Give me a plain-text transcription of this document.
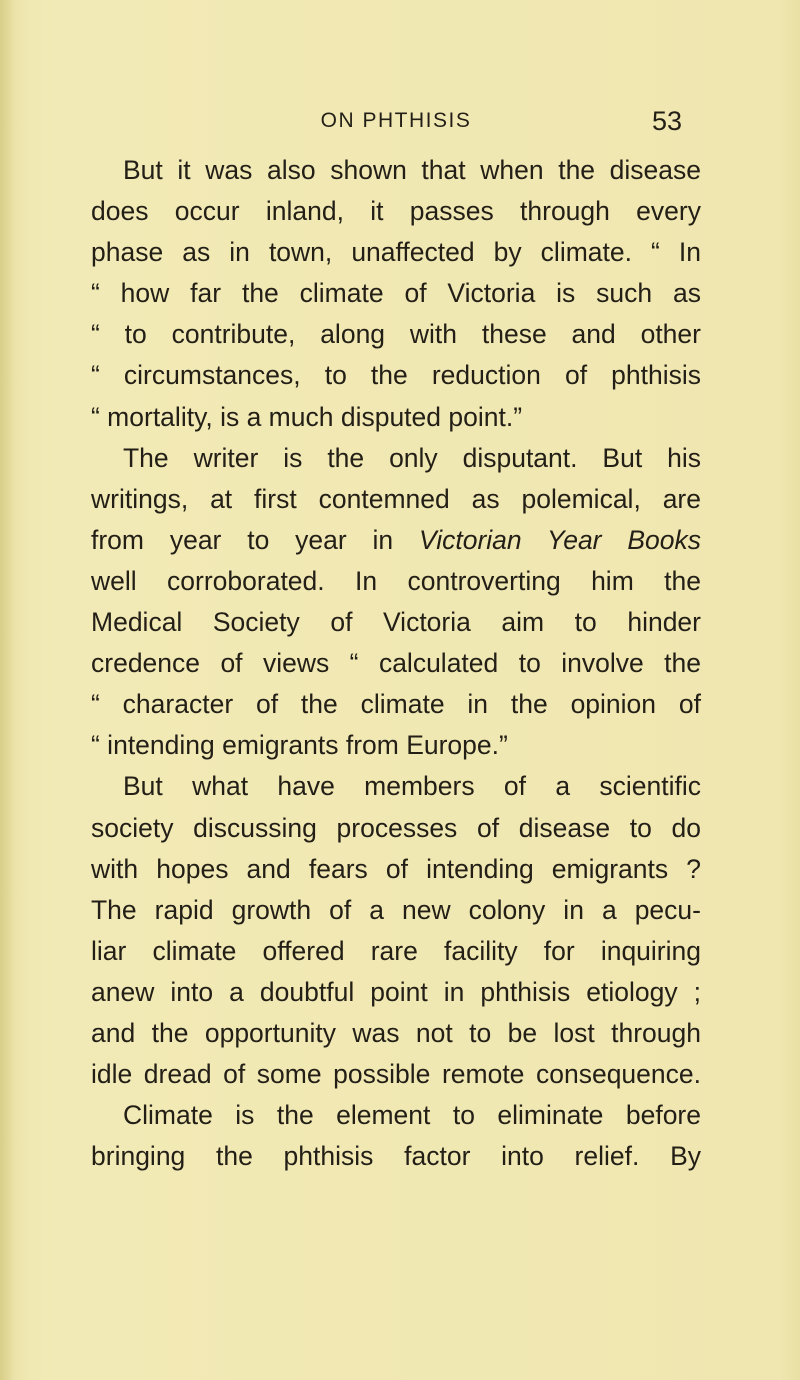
ON PHTHISIS	53
But it was also shown that when the disease
does occur inland, it passes through every
phase as in town, unaffected by climate. “ In
“ how far the climate of Victoria is such as
“ to contribute, along with these and other
“ circumstances, to the reduction of phthisis
“ mortality, is a much disputed point.”
The writer is the only disputant. But his
writings, at first contemned as polemical, are
from year to year in Victorian Year Books
well corroborated. In controverting him the
Medical Society of Victoria aim to hinder
credence of views “ calculated to involve the
“ character of the climate in the opinion of
“ intending emigrants from Europe.”
But what have members of a scientific
society discussing processes of disease to do
with hopes and fears of intending emigrants ?
The rapid growth of a new colony in a pecu-
liar climate offered rare facility for inquiring
anew into a doubtful point in phthisis etiology ;
and the opportunity was not to be lost through
idle dread of some possible remote consequence.
Climate is the element to eliminate before
bringing the phthisis factor into relief. By
